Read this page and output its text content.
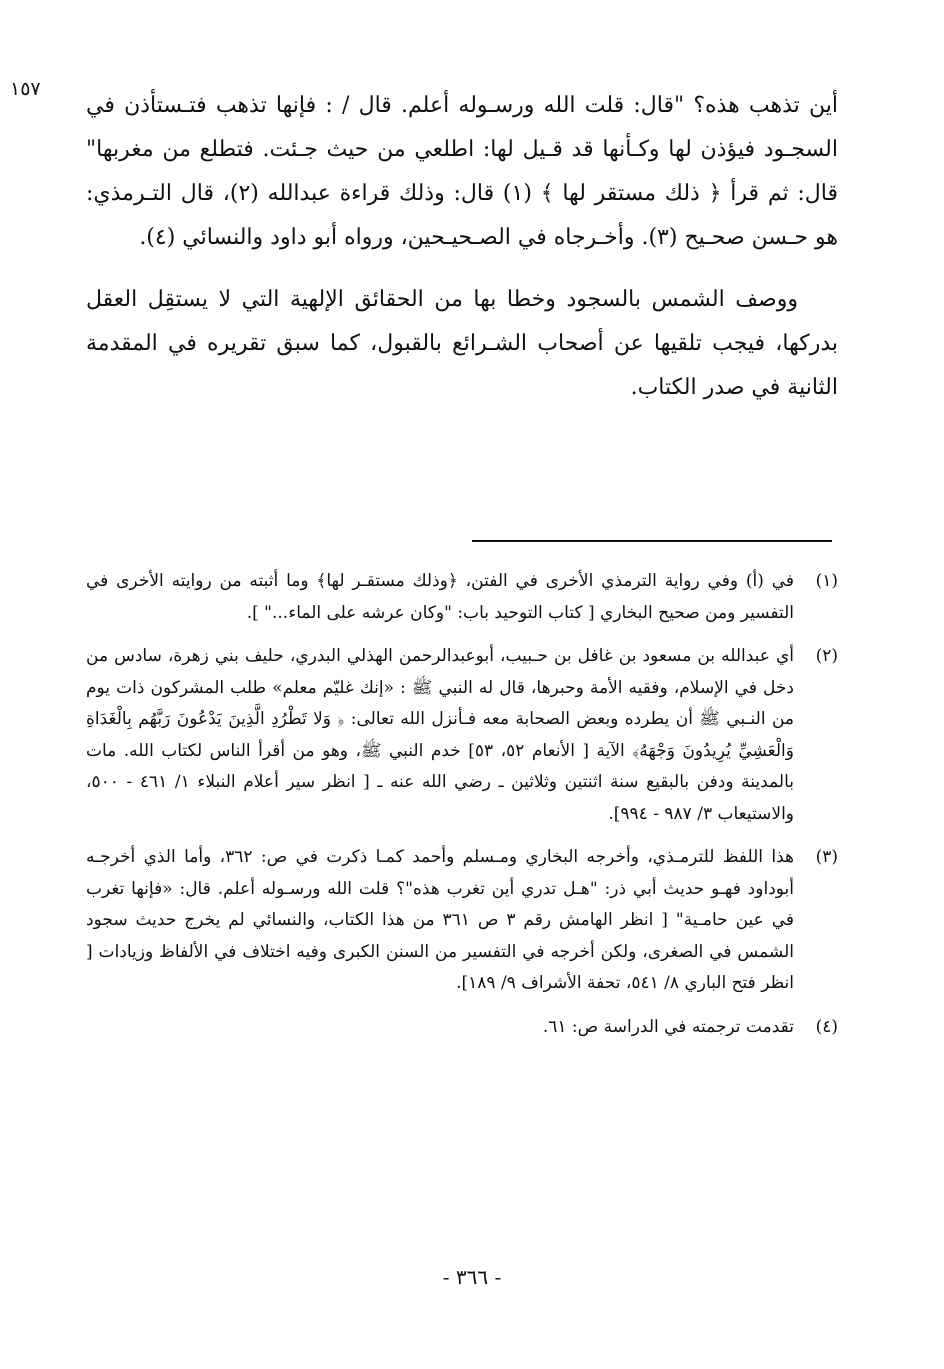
١٥٧

أين تذهب هذه؟ "قال: قلت الله ورسـوله أعلم. قال / : فإنها تذهب فتـستأذن في السجـود فيؤذن لها وكـأنها قد قـيل لها: اطلعي من حيث جـئت. فتطلع من مغربها" قال: ثم قرأ ﴿ ذلك مستقر لها ﴾ (١) قال: وذلك قراءة عبدالله (٢)، قال التـرمذي: هو حـسن صحـيح (٣). وأخـرجاه في الصـحيـحين، ورواه أبو داود والنسائي (٤).

ووصف الشمس بالسجود وخطا بها من الحقائق الإلهية التي لا يستقِل العقل بدركها، فيجب تلقيها عن أصحاب الشـرائع بالقبول، كما سبق تقريره في المقدمة الثانية في صدر الكتاب.

(١)
في (أ) وفي رواية الترمذي الأخرى في الفتن، ﴿وذلك مستقـر لها﴾ وما أثبته من روايته الأخرى في التفسير ومن صحيح البخاري [ كتاب التوحيد باب: "وكان عرشه على الماء..." ].
(٢)
أي عبدالله بن مسعود بن غافل بن حـبيب، أبوعبدالرحمن الهذلي البدري، حليف بني زهرة، سادس من دخل في الإسلام، وفقيه الأمة وحبرها، قال له النبي ﷺ : «إنك غليّم معلم» طلب المشركون ذات يوم من النـبي ﷺ أن يطرده وبعض الصحابة معه فـأنزل الله تعالى: ﴿ وَلا تَطْرُدِ الَّذِينَ يَدْعُونَ رَبَّهُم بِالْغَدَاةِ وَالْعَشِيِّ يُرِيدُونَ وَجْهَهُ﴾ الآية [ الأنعام ٥٢، ٥٣] خدم النبي ﷺ، وهو من أقرأ الناس لكتاب الله. مات بالمدينة ودفن بالبقيع سنة اثنتين وثلاثين ـ رضي الله عنه ـ [ انظر سير أعلام النبلاء ١/ ٤٦١ - ٥٠٠، والاستيعاب ٣/ ٩٨٧ - ٩٩٤].
(٣)
هذا اللفظ للترمـذي، وأخرجه البخاري ومـسلم وأحمد كمـا ذكرت في ص: ٣٦٢، وأما الذي أخرجـه أبوداود فهـو حديث أبي ذر: "هـل تدري أين تغرب هذه"؟ قلت الله ورسـوله أعلم. قال: «فإنها تغرب في عين حامـية" [ انظر الهامش رقم ٣ ص ٣٦١ من هذا الكتاب، والنسائي لم يخرج حديث سجود الشمس في الصغرى، ولكن أخرجه في التفسير من السنن الكبرى وفيه اختلاف في الألفاظ وزيادات [ انظر فتح الباري ٨/ ٥٤١، تحفة الأشراف ٩/ ١٨٩].
(٤)
تقدمت ترجمته في الدراسة ص: ٦١.
- ٣٦٦ -
